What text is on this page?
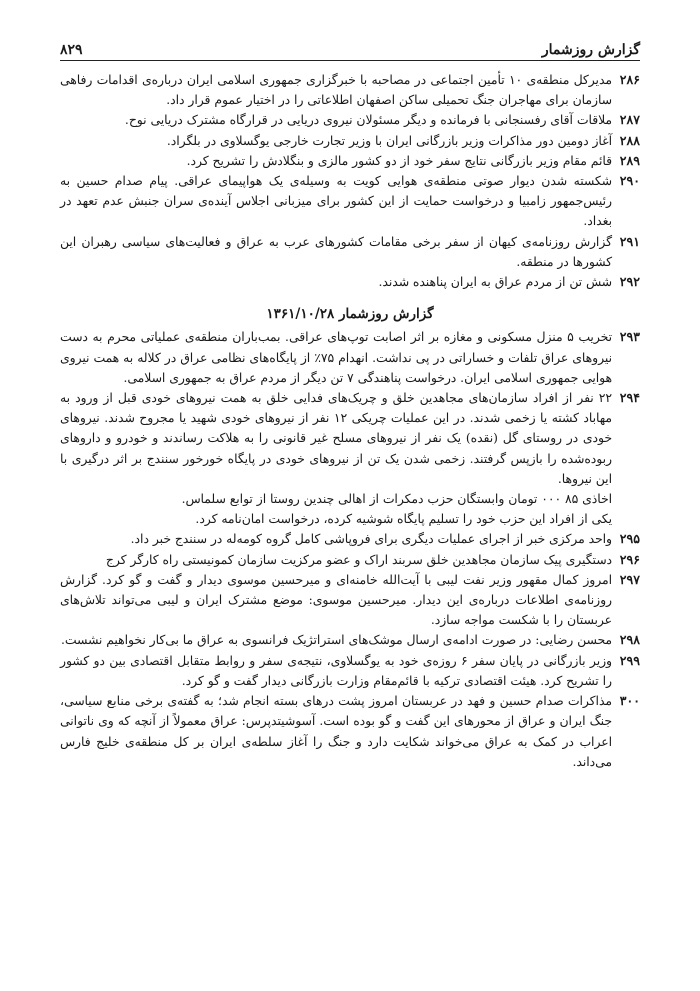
گزارش روزشمار
۸۲۹
۲۸۶
مدیرکل منطقه‌ی ۱۰ تأمین اجتماعی در مصاحبه با خبرگزاری جمهوری اسلامی ایران درباره‌ی اقدامات رفاهی سازمان برای مهاجران جنگ تحمیلی ساکن اصفهان اطلاعاتی را در اختیار عموم قرار داد.
۲۸۷
ملاقات آقای رفسنجانی با فرمانده و دیگر مسئولان نیروی دریایی در قرارگاه مشترک دریایی نوح.
۲۸۸
آغاز دومین دور مذاکرات وزیر بازرگانی ایران با وزیر تجارت خارجی یوگسلاوی در بلگراد.
۲۸۹
قائم مقام وزیر بازرگانی نتایج سفر خود از دو کشور مالزی و بنگلادش را تشریح کرد.
۲۹۰
شکسته شدن دیوار صوتی منطقه‌ی هوایی کویت به وسیله‌ی یک هواپیمای عراقی. پیام صدام حسین به رئیس‌جمهور زامبیا و درخواست حمایت از این کشور برای میزبانی اجلاس آینده‌ی سران جنبش عدم تعهد در بغداد.
۲۹۱
گزارش روزنامه‌ی کیهان از سفر برخی مقامات کشورهای عرب به عراق و فعالیت‌های سیاسی رهبران این کشورها در منطقه.
۲۹۲
شش تن از مردم عراق به ایران پناهنده شدند.
گزارش روزشمار ۱۳۶۱/۱۰/۲۸
۲۹۳
تخریب ۵ منزل مسکونی و مغازه بر اثر اصابت توپ‌های عراقی. بمب‌باران منطقه‌ی عملیاتی محرم به دست نیروهای عراق تلفات و خساراتی در پی نداشت. انهدام ۷۵٪ از پایگاه‌های نظامی عراق در کلاله به همت نیروی هوایی جمهوری اسلامی ایران. درخواست پناهندگی ۷ تن دیگر از مردم عراق به جمهوری اسلامی.
۲۹۴
۲۲ نفر از افراد سازمان‌های مجاهدین خلق و چریک‌های فدایی خلق به همت نیروهای خودی قبل از ورود به مهاباد کشته یا زخمی شدند. در این عملیات چریکی ۱۲ نفر از نیروهای خودی شهید یا مجروح شدند. نیروهای خودی در روستای گل (نقده) یک نفر از نیروهای مسلح غیر قانونی را به هلاکت رساندند و خودرو و داروهای ربوده‌شده را بازپس گرفتند. زخمی شدن یک تن از نیروهای خودی در پایگاه خورخور سنندج بر اثر درگیری با این نیروها.
اخاذی ۸۵ ۰۰۰ تومان وابستگان حزب دمکرات از اهالی چندین روستا از توابع سلماس.
یکی از افراد این حزب خود را تسلیم پایگاه شوشیه کرده، درخواست امان‌نامه کرد.
۲۹۵
واحد مرکزی خبر از اجرای عملیات دیگری برای فروپاشی کامل گروه کومه‌له در سنندج خبر داد.
۲۹۶
دستگیری پیک سازمان مجاهدین خلق سربند اراک و عضو مرکزیت سازمان کمونیستی راه کارگر کرج
۲۹۷
امروز کمال مقهور وزیر نفت لیبی با آیت‌الله خامنه‌ای و میرحسین موسوی دیدار و گفت و گو کرد. گزارش روزنامه‌ی اطلاعات درباره‌ی این دیدار. میرحسین موسوی: موضع مشترک ایران و لیبی می‌تواند تلاش‌های عربستان را با شکست مواجه سازد.
۲۹۸
محسن رضایی: در صورت ادامه‌ی ارسال موشک‌های استراتژیک فرانسوی به عراق ما بی‌کار نخواهیم نشست.
۲۹۹
وزیر بازرگانی در پایان سفر ۶ روزه‌ی خود به یوگسلاوی، نتیجه‌ی سفر و روابط متقابل اقتصادی بین دو کشور را تشریح کرد. هیئت اقتصادی ترکیه با قائم‌مقام وزارت بازرگانی دیدار گفت و گو کرد.
۳۰۰
مذاکرات صدام حسین و فهد در عربستان امروز پشت درهای بسته انجام شد؛ به گفته‌ی برخی منابع سیاسی، جنگ ایران و عراق از محورهای این گفت و گو بوده است. آسوشیتدپرس: عراق معمولاً از آنچه که وی ناتوانی اعراب در کمک به عراق می‌خواند شکایت دارد و جنگ را آغاز سلطه‌ی ایران بر کل منطقه‌ی خلیج فارس می‌داند.
